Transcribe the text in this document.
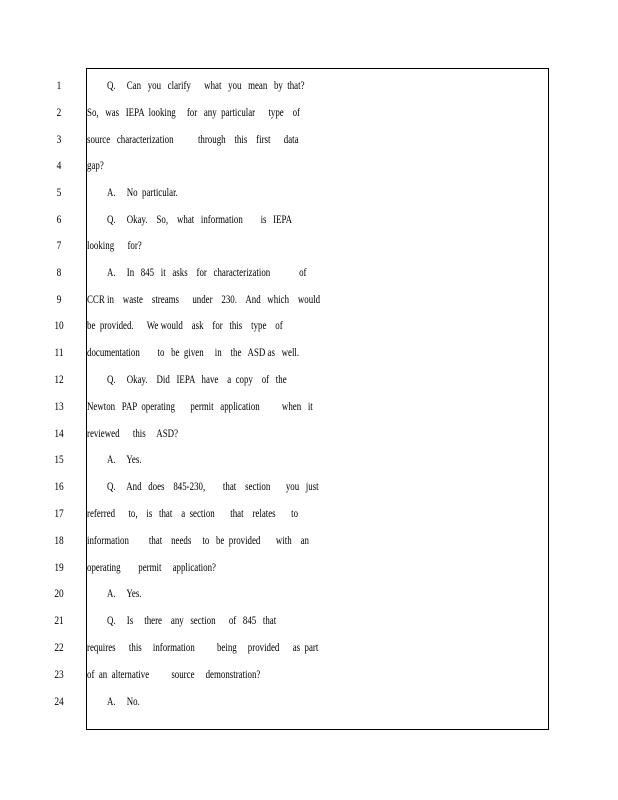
1
2
3
4
5
6
7
8
9
10
11
12
13
14
15
16
17
18
19
20
21
22
23
24
Q.     Can   you   clarify      what   you   mean   by  that?
So,   was   IEPA  looking     for   any  particular      type    of
source   characterization           through    this    first      data
gap?
A.     No  particular.
Q.     Okay.    So,    what   information        is   IEPA
looking      for?
A.     In   845   it   asks    for   characterization             of
CCR in    waste    streams      under    230.    And   which    would
be  provided.      We would    ask    for   this    type    of
documentation        to   be  given     in    the   ASD as   well.
Q.     Okay.    Did   IEPA   have    a  copy    of   the
Newton   PAP  operating       permit   application          when   it
reviewed      this     ASD?
A.     Yes.
Q.     And   does    845-230,        that    section       you   just
referred      to,    is   that    a  section       that    relates       to
information         that    needs     to   be  provided       with    an
operating        permit     application?
A.     Yes.
Q.     Is     there    any   section      of   845   that
requires      this     information          being     provided      as  part
of  an  alternative          source     demonstration?
A.     No.
